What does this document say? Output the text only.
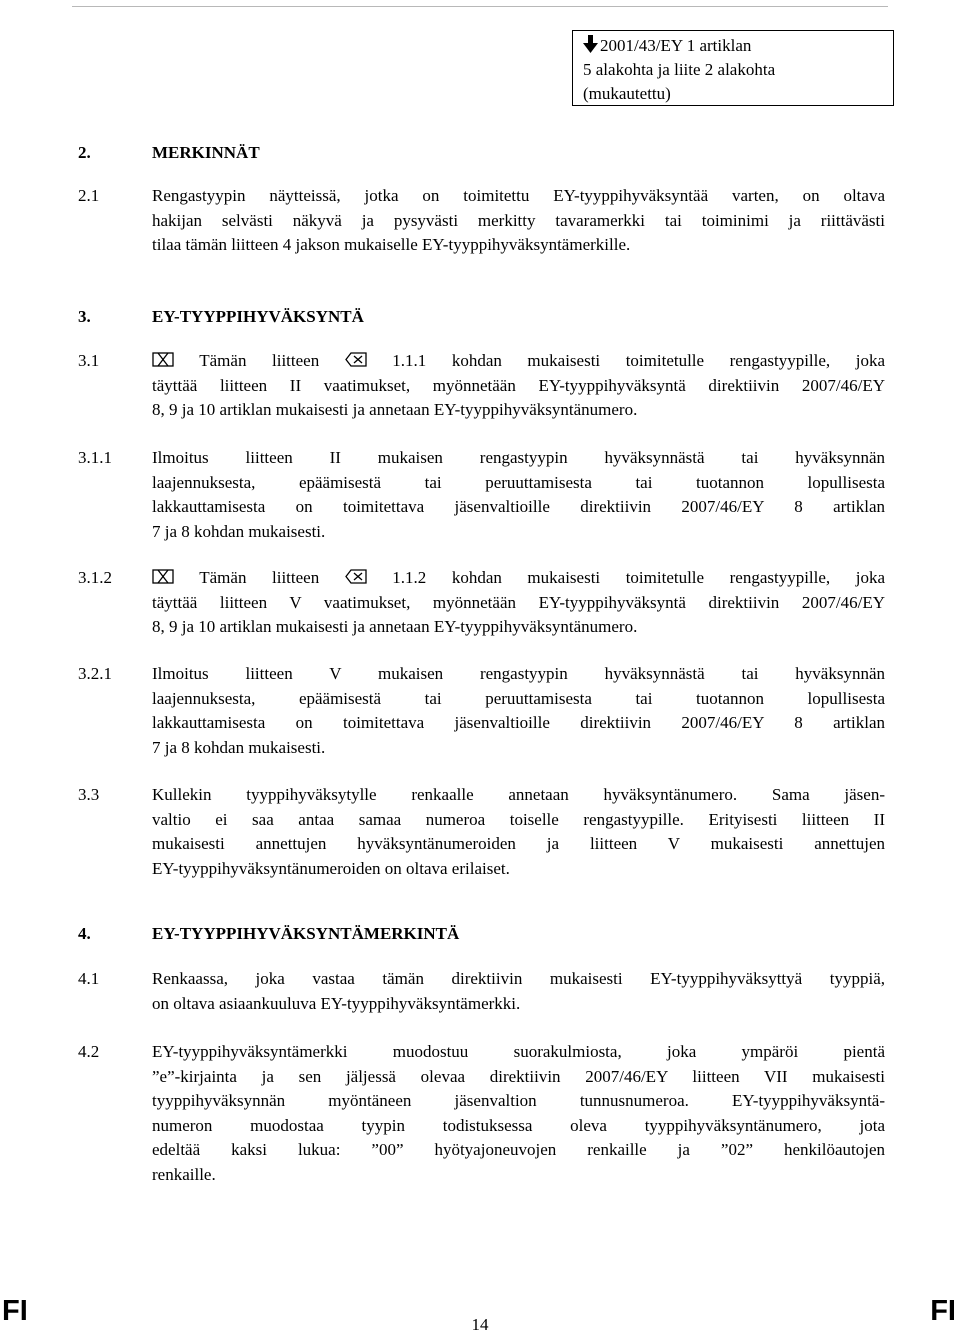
2001/43/EY 1 artiklan
5 alakohta ja liite 2 alakohta
(mukautettu)
2.	MERKINNÄT
2.1	Rengastyypin näytteissä, jotka on toimitettu EY-tyyppihyväksyntää varten, on oltava
hakijan selvästi näkyvä ja pysyvästi merkitty tavaramerkki tai toiminimi ja riittävästi
tilaa tämän liitteen 4 jakson mukaiselle EY-tyyppihyväksyntämerkille.
3.	EY-TYYPPIHYVÄKSYNTÄ
3.1	Tämän liitteen	1.1.1 kohdan mukaisesti toimitetulle rengastyypille, joka
täyttää liitteen II vaatimukset, myönnetään EY-tyyppihyväksyntä direktiivin 2007/46/EY
8, 9 ja 10 artiklan mukaisesti ja annetaan EY-tyyppihyväksyntänumero.
3.1.1 Ilmoitus liitteen II mukaisen rengastyypin hyväksynnästä tai hyväksynnän
laajennuksesta, epäämisestä tai peruuttamisesta tai tuotannon lopullisesta
lakkauttamisesta on toimitettava jäsenvaltioille direktiivin 2007/46/EY 8 artiklan
7 ja 8 kohdan mukaisesti.
3.1.2	Tämän liitteen	1.1.2 kohdan mukaisesti toimitetulle rengastyypille, joka
täyttää liitteen V vaatimukset, myönnetään EY-tyyppihyväksyntä direktiivin 2007/46/EY
8, 9 ja 10 artiklan mukaisesti ja annetaan EY-tyyppihyväksyntänumero.
3.2.1 Ilmoitus liitteen V mukaisen rengastyypin hyväksynnästä tai hyväksynnän
laajennuksesta, epäämisestä tai peruuttamisesta tai tuotannon lopullisesta
lakkauttamisesta on toimitettava jäsenvaltioille direktiivin 2007/46/EY 8 artiklan
7 ja 8 kohdan mukaisesti.
3.3	Kullekin tyyppihyväksytylle renkaalle annetaan hyväksyntänumero. Sama jäsen-
valtio ei saa antaa samaa numeroa toiselle rengastyypille. Erityisesti liitteen II
mukaisesti annettujen hyväksyntänumeroiden ja liitteen V mukaisesti annettujen
EY-tyyppihyväksyntänumeroiden on oltava erilaiset.
4.	EY-TYYPPIHYVÄKSYNTÄMERKINTÄ
4.1	Renkaassa, joka vastaa tämän direktiivin mukaisesti EY-tyyppihyväksyttyä tyyppiä,
on oltava asiaankuuluva EY-tyyppihyväksyntämerkki.
4.2	EY-tyyppihyväksyntämerkki muodostuu suorakulmiosta, joka ympäröi pientä
”e”-kirjainta ja sen jäljessä olevaa direktiivin 2007/46/EY liitteen VII mukaisesti
tyyppihyväksynnän myöntäneen jäsenvaltion tunnusnumeroa. EY-tyyppihyväksyntä-
numeron muodostaa tyypin todistuksessa oleva tyyppihyväksyntänumero, jota
edeltää kaksi lukua: ”00” hyötyajoneuvojen renkaille ja ”02” henkilöautojen
renkaille.
FI	14	FI
